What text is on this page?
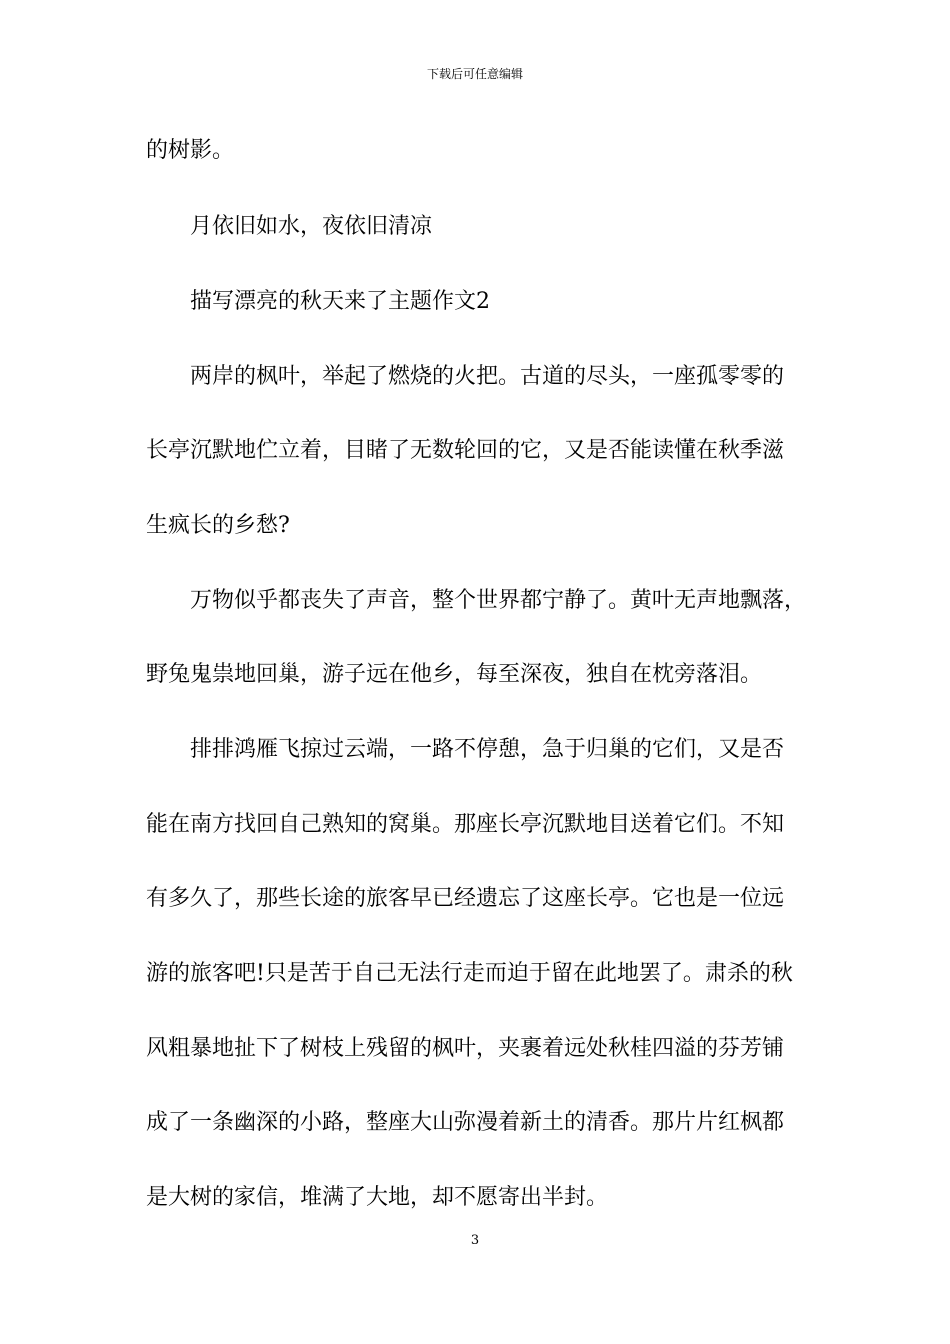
下载后可任意编辑
的树影。
月依旧如水，夜依旧清凉
描写漂亮的秋天来了主题作文2
两岸的枫叶，举起了燃烧的火把。古道的尽头，一座孤零零的
长亭沉默地伫立着，目睹了无数轮回的它，又是否能读懂在秋季滋
生疯长的乡愁?
万物似乎都丧失了声音，整个世界都宁静了。黄叶无声地飘落，
野兔鬼祟地回巢，游子远在他乡，每至深夜，独自在枕旁落泪。
排排鸿雁飞掠过云端，一路不停憩，急于归巢的它们，又是否
能在南方找回自己熟知的窝巢。那座长亭沉默地目送着它们。不知
有多久了，那些长途的旅客早已经遗忘了这座长亭。它也是一位远
游的旅客吧!只是苦于自己无法行走而迫于留在此地罢了。肃杀的秋
风粗暴地扯下了树枝上残留的枫叶，夹裹着远处秋桂四溢的芬芳铺
成了一条幽深的小路，整座大山弥漫着新土的清香。那片片红枫都
是大树的家信，堆满了大地，却不愿寄出半封。
3
